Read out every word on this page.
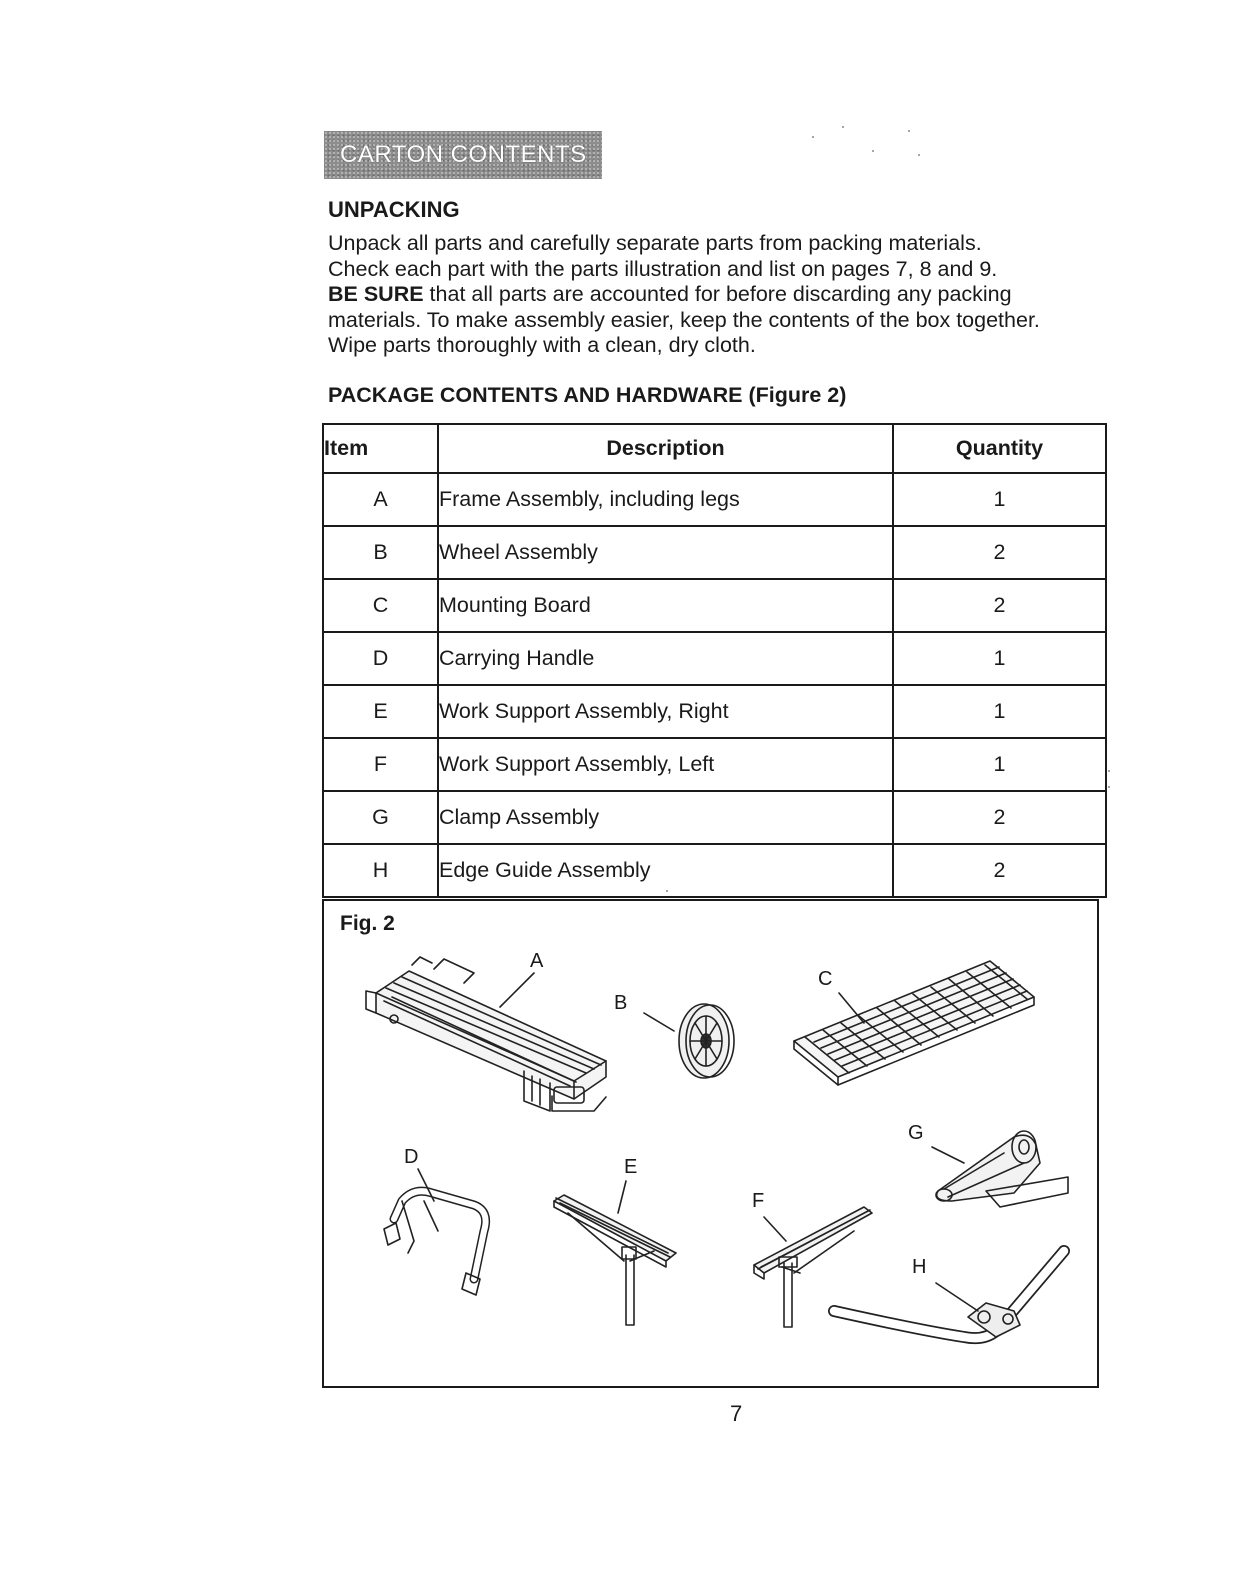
CARTON CONTENTS
UNPACKING

Unpack all parts and carefully separate parts from packing materials.

Check each part with the parts illustration and list on pages 7, 8 and 9.

BE SURE that all parts are accounted for before discarding any packing

materials. To make assembly easier, keep the contents of the box together.

Wipe parts thoroughly with a clean, dry cloth.

PACKAGE CONTENTS AND HARDWARE (Figure 2)
Item	Description	Quantity
A	Frame Assembly, including legs	1
B	Wheel Assembly	2
C	Mounting Board	2
D	Carrying Handle	1
E	Work Support Assembly, Right	1
F	Work Support Assembly, Left	1
G	Clamp Assembly	2
H	Edge Guide Assembly	2
Fig. 2
A
B
C
D	E
F
G
H
7
